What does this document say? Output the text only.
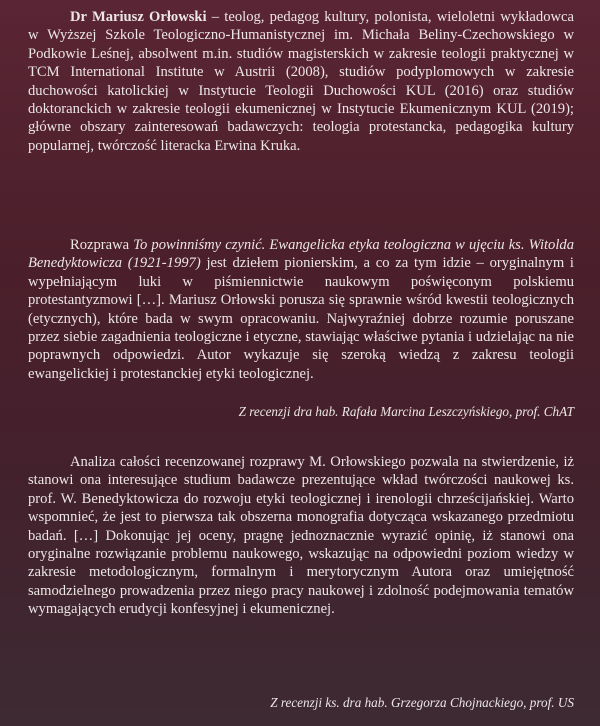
Dr Mariusz Orłowski – teolog, pedagog kultury, polonista, wieloletni wykładowca w Wyższej Szkole Teologiczno-Humanistycznej im. Michała Beliny-Czechowskiego w Podkowie Leśnej, absolwent m.in. studiów magisterskich w zakresie teologii praktycznej w TCM International Institute w Austrii (2008), studiów podyplomowych w zakresie duchowości katolickiej w Instytucie Teologii Duchowości KUL (2016) oraz studiów doktoranckich w zakresie teologii ekumenicznej w Instytucie Ekumenicznym KUL (2019); główne obszary zainteresowań badawczych: teologia protestancka, pedagogika kultury popularnej, twórczość literacka Erwina Kruka.

Rozprawa To powinniśmy czynić. Ewangelicka etyka teologiczna w ujęciu ks. Witolda Benedyktowicza (1921-1997) jest dziełem pionierskim, a co za tym idzie – oryginalnym i wypełniającym luki w piśmiennictwie naukowym poświęconym polskiemu protestantyzmowi […]. Mariusz Orłowski porusza się sprawnie wśród kwestii teologicznych (etycznych), które bada w swym opracowaniu. Najwyraźniej dobrze rozumie poruszane przez siebie zagadnienia teologiczne i etyczne, stawiając właściwe pytania i udzielając na nie poprawnych odpowiedzi. Autor wykazuje się szeroką wiedzą z zakresu teologii ewangelickiej i protestanckiej etyki teologicznej.

Z recenzji dra hab. Rafała Marcina Leszczyńskiego, prof. ChAT

Analiza całości recenzowanej rozprawy M. Orłowskiego pozwala na stwierdzenie, iż stanowi ona interesujące studium badawcze prezentujące wkład twórczości naukowej ks. prof. W. Benedyktowicza do rozwoju etyki teologicznej i irenologii chrześcijańskiej. Warto wspomnieć, że jest to pierwsza tak obszerna monografia dotycząca wskazanego przedmiotu badań. […] Dokonując jej oceny, pragnę jednoznacznie wyrazić opinię, iż stanowi ona oryginalne rozwiązanie problemu naukowego, wskazując na odpowiedni poziom wiedzy w zakresie metodologicznym, formalnym i merytorycznym Autora oraz umiejętność samodzielnego prowadzenia przez niego pracy naukowej i zdolność podejmowania tematów wymagających erudycji konfesyjnej i ekumenicznej.

Z recenzji ks. dra hab. Grzegorza Chojnackiego, prof. US
